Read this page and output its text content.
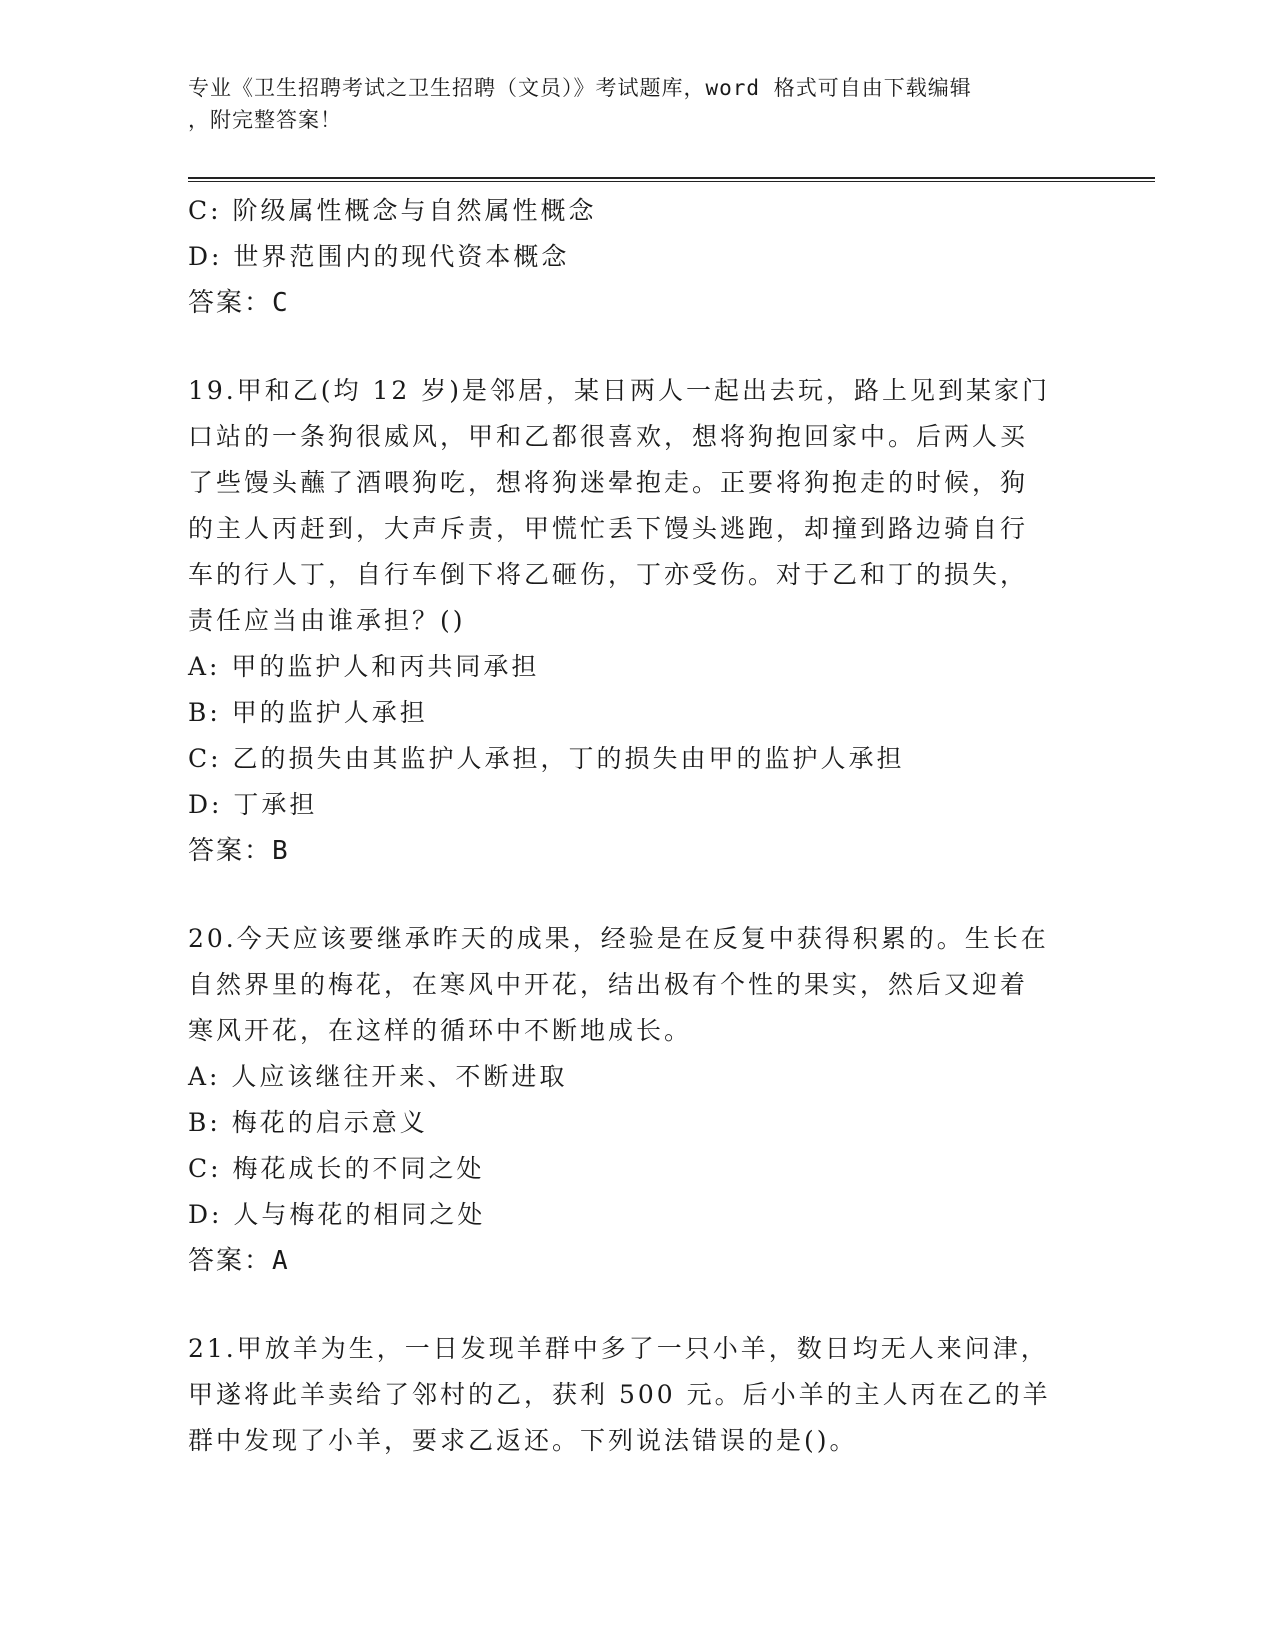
专业《卫生招聘考试之卫生招聘（文员）》考试题库，word 格式可自由下载编辑
，附完整答案！
C: 阶级属性概念与自然属性概念
D: 世界范围内的现代资本概念
答案：C
19.甲和乙(均 12 岁)是邻居，某日两人一起出去玩，路上见到某家门
口站的一条狗很威风，甲和乙都很喜欢，想将狗抱回家中。后两人买
了些馒头蘸了酒喂狗吃，想将狗迷晕抱走。正要将狗抱走的时候，狗
的主人丙赶到，大声斥责，甲慌忙丢下馒头逃跑，却撞到路边骑自行
车的行人丁，自行车倒下将乙砸伤，丁亦受伤。对于乙和丁的损失，
责任应当由谁承担？()
A: 甲的监护人和丙共同承担
B: 甲的监护人承担
C: 乙的损失由其监护人承担，丁的损失由甲的监护人承担
D: 丁承担
答案：B
20.今天应该要继承昨天的成果，经验是在反复中获得积累的。生长在
自然界里的梅花，在寒风中开花，结出极有个性的果实，然后又迎着
寒风开花，在这样的循环中不断地成长。
A: 人应该继往开来、不断进取
B: 梅花的启示意义
C: 梅花成长的不同之处
D: 人与梅花的相同之处
答案：A
21.甲放羊为生，一日发现羊群中多了一只小羊，数日均无人来问津，
甲遂将此羊卖给了邻村的乙，获利 500 元。后小羊的主人丙在乙的羊
群中发现了小羊，要求乙返还。下列说法错误的是()。
